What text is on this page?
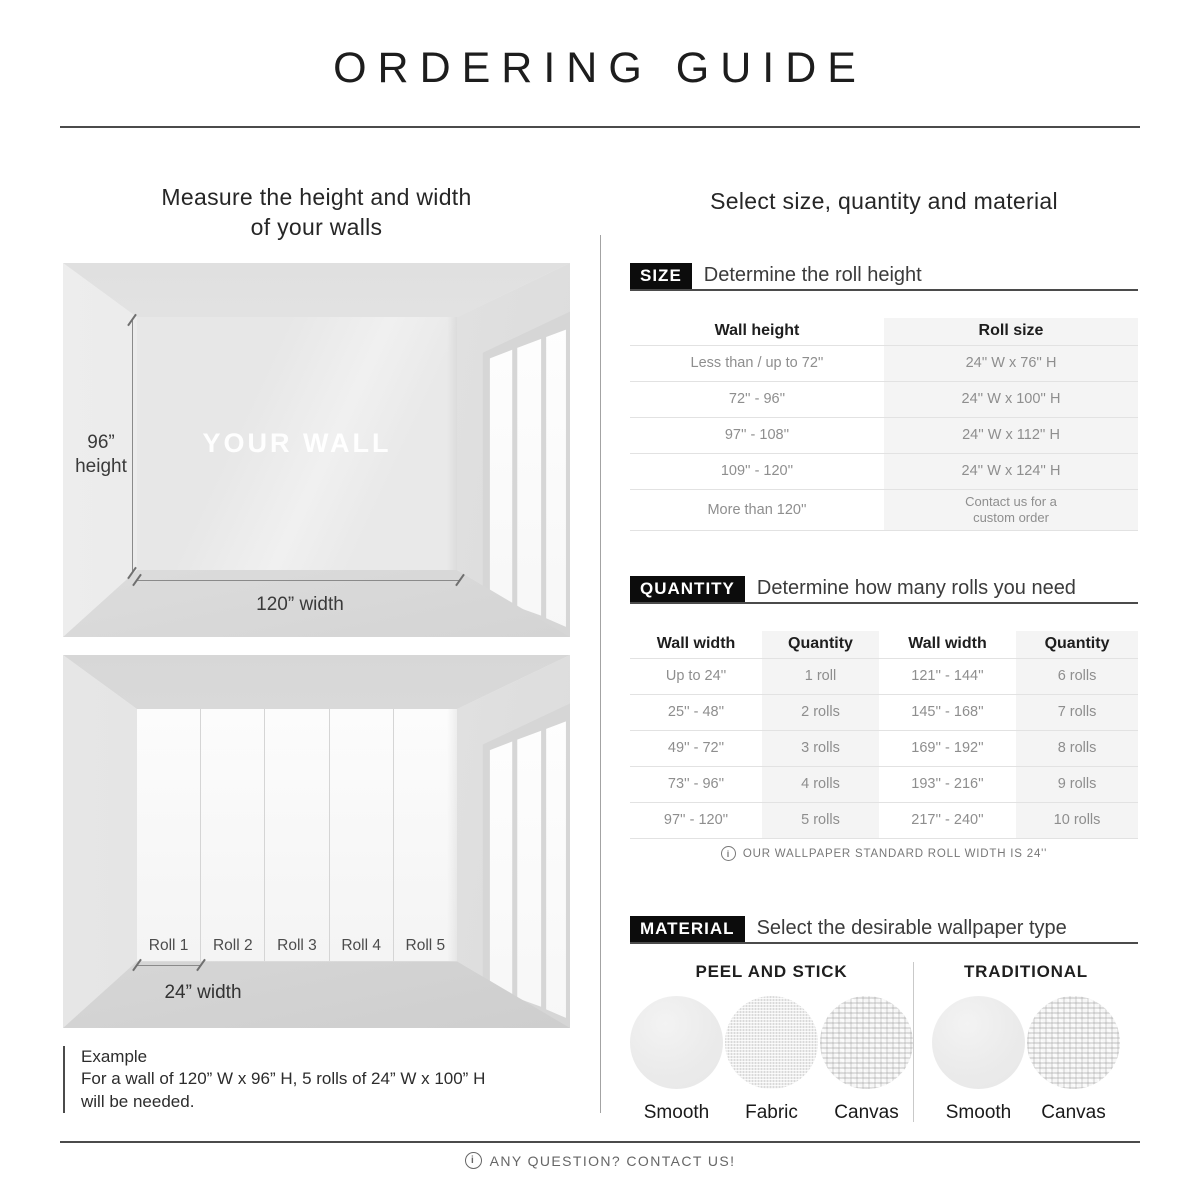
ORDERING GUIDE
Measure the height and width
of your walls
Select size, quantity and material
YOUR WALL
96”
height
120” width
Roll 1	Roll 2	Roll 3	Roll 4	Roll 5
24” width
Example
For a wall of 120” W x 96” H, 5 rolls of 24” W x 100” H
will be needed.
SIZE	Determine the roll height
Wall height	Roll size
Less than / up to 72''	24'' W x 76'' H
72'' - 96''	24'' W x 100'' H
97'' - 108''	24'' W x 112'' H
109'' - 120''	24'' W x 124'' H
More than 120''	Contact us for a custom order
QUANTITY	Determine how many rolls you need
Wall width	Quantity	Wall width	Quantity
Up to 24''	1 roll	121'' - 144''	6 rolls
25'' - 48''	2 rolls	145'' - 168''	7 rolls
49'' - 72''	3 rolls	169'' - 192''	8 rolls
73'' - 96''	4 rolls	193'' - 216''	9 rolls
97'' - 120''	5 rolls	217'' - 240''	10 rolls
i	OUR WALLPAPER STANDARD ROLL WIDTH IS 24''
MATERIAL	Select the desirable wallpaper type
PEEL AND STICK
Smooth Fabric Canvas
TRADITIONAL
Smooth Canvas
i	ANY QUESTION? CONTACT US!
